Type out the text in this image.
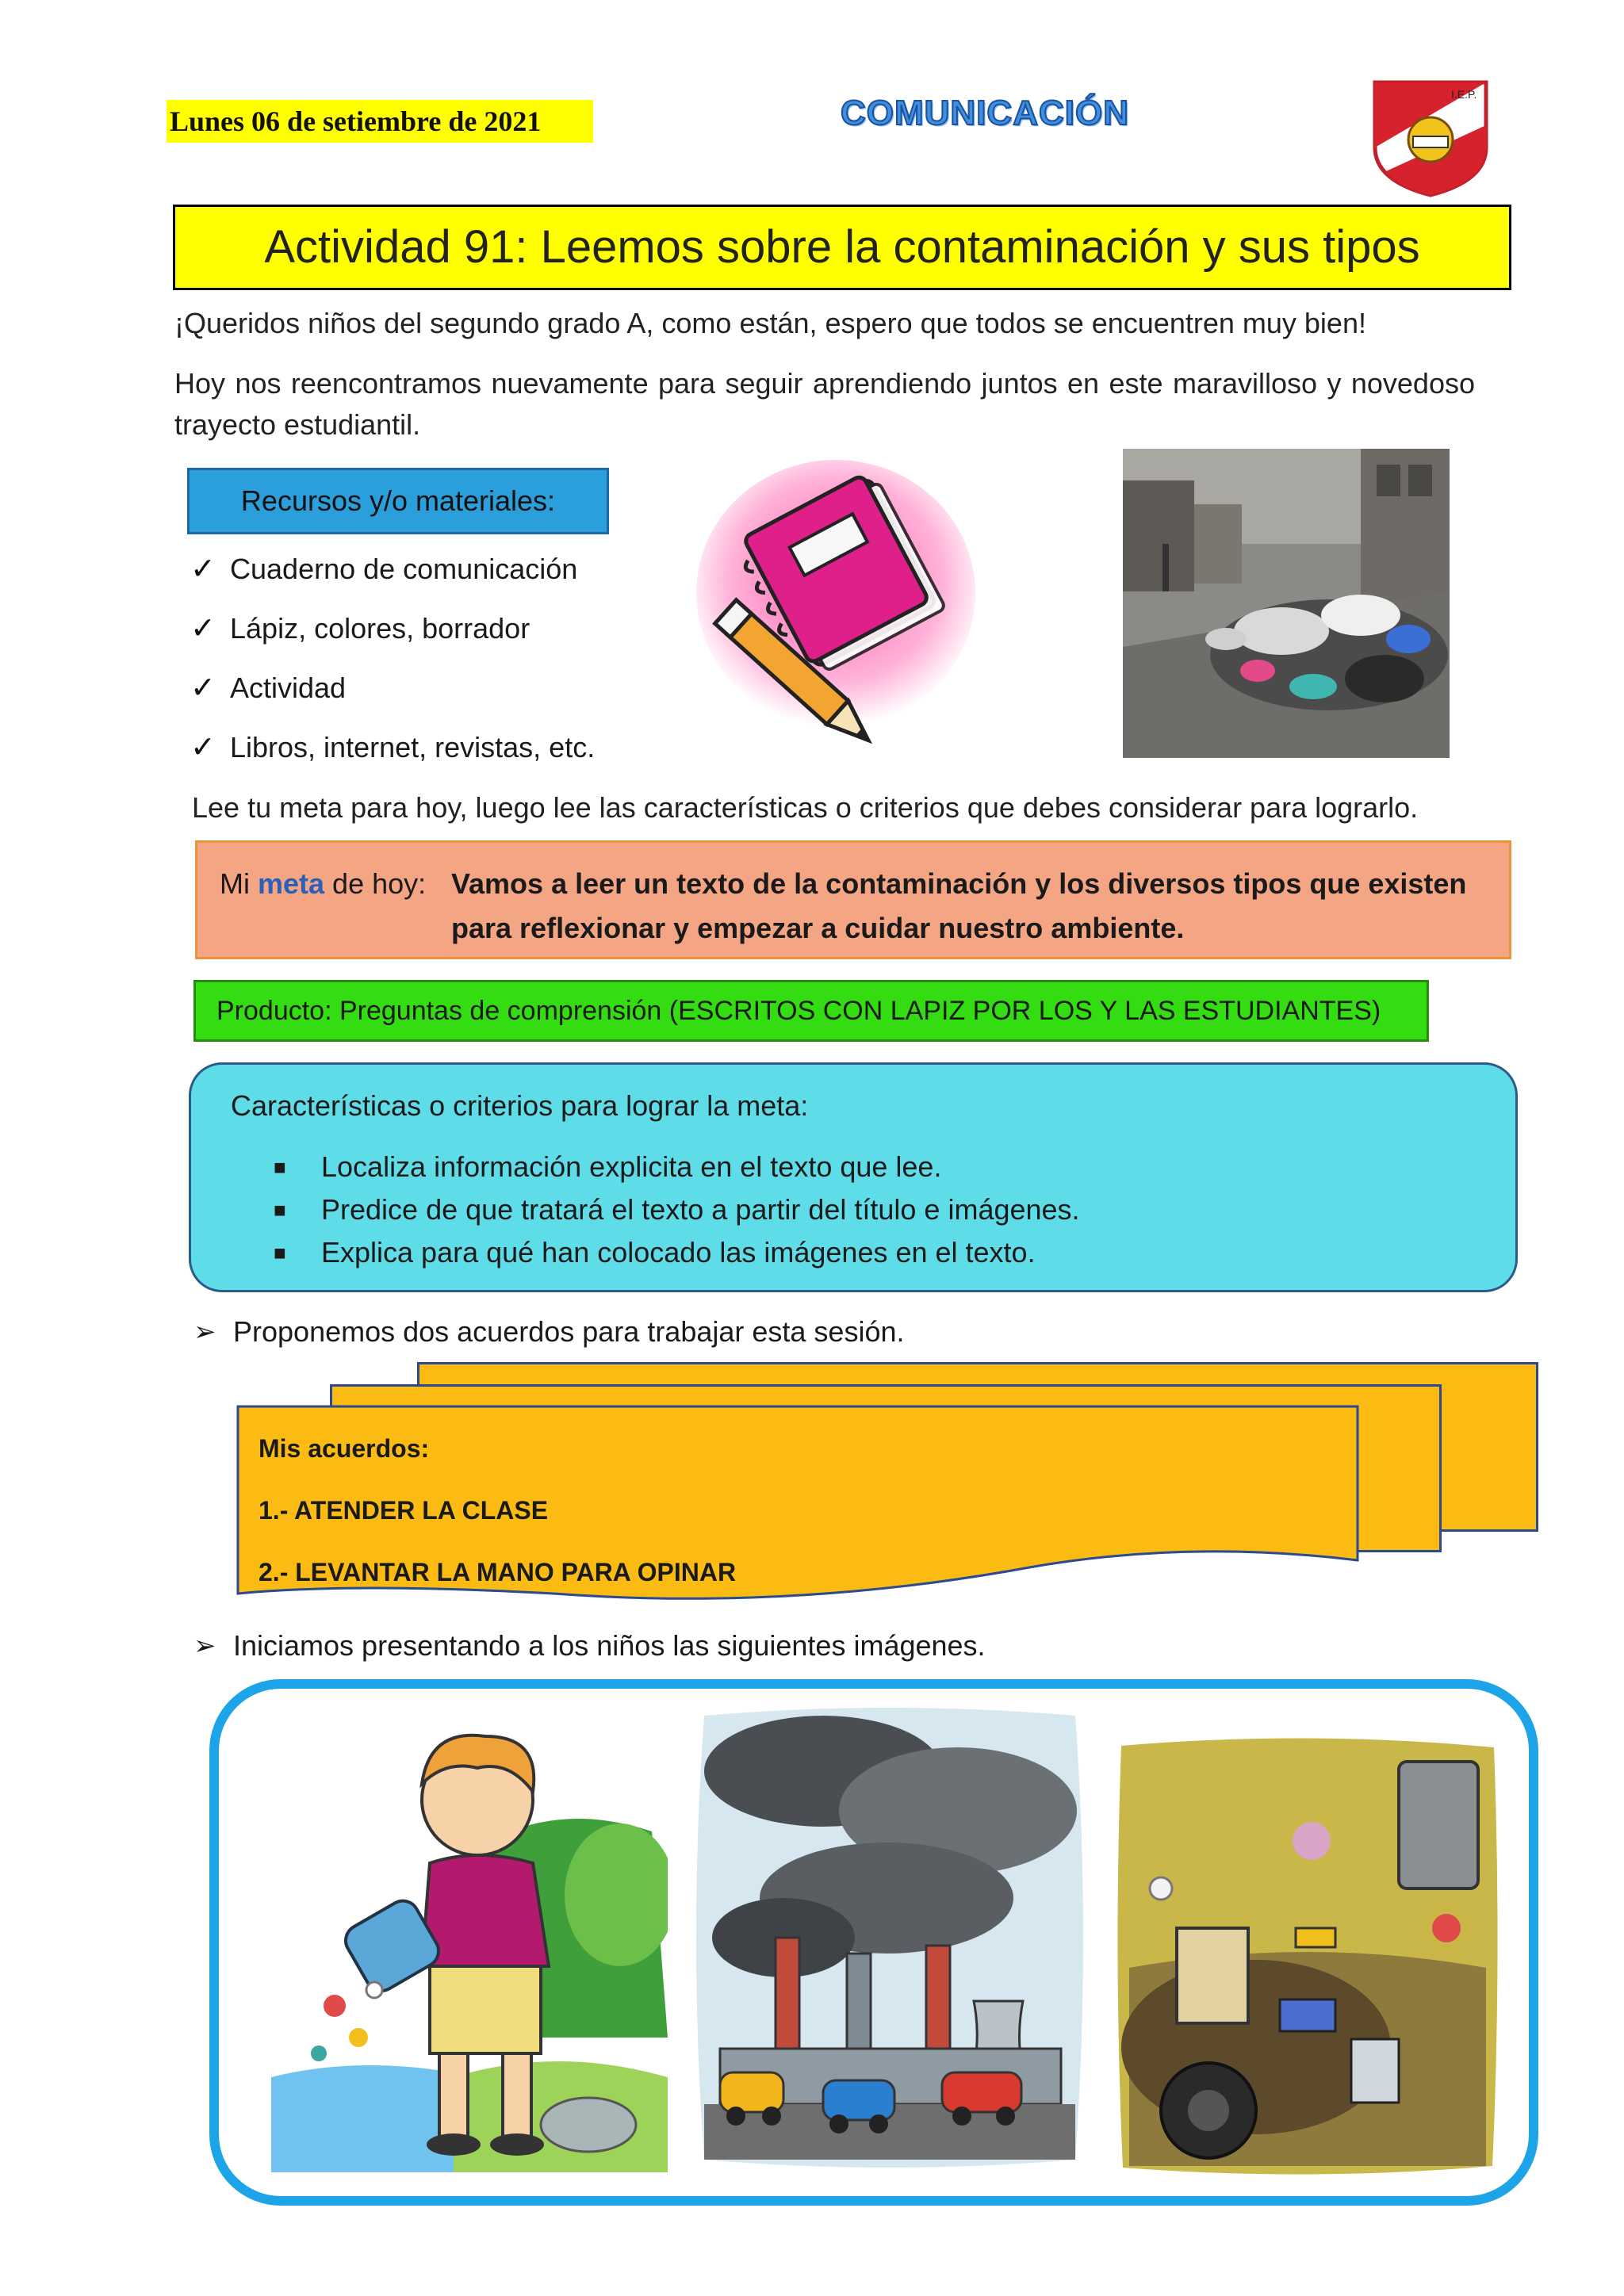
Lunes 06 de setiembre de 2021	COMUNICACIÓN	I.E.P.
Actividad 91: Leemos sobre la contaminación y sus tipos
¡Queridos niños del segundo grado A, como están, espero que todos se encuentren muy bien!
Hoy nos reencontramos nuevamente para seguir aprendiendo juntos en este maravilloso y novedoso trayecto estudiantil.
Recursos y/o materiales:
✓ Cuaderno de comunicación
✓ Lápiz, colores, borrador
✓ Actividad
✓ Libros, internet, revistas, etc.
Lee tu meta para hoy, luego lee las características o criterios que debes considerar para lograrlo.
Mi meta de hoy: Vamos a leer un texto de la contaminación y los diversos tipos que existen para reflexionar y empezar a cuidar nuestro ambiente.
Producto: Preguntas de comprensión (ESCRITOS CON LAPIZ POR LOS Y LAS ESTUDIANTES)
Características o criterios para lograr la meta:
■	Localiza información explicita en el texto que lee.
■	Predice de que tratará el texto a partir del título e imágenes.
■	Explica para qué han colocado las imágenes en el texto.
➢ Proponemos dos acuerdos para trabajar esta sesión.
Mis acuerdos:
1.- ATENDER LA CLASE
2.- LEVANTAR LA MANO PARA OPINAR
➢ Iniciamos presentando a los niños las siguientes imágenes.
